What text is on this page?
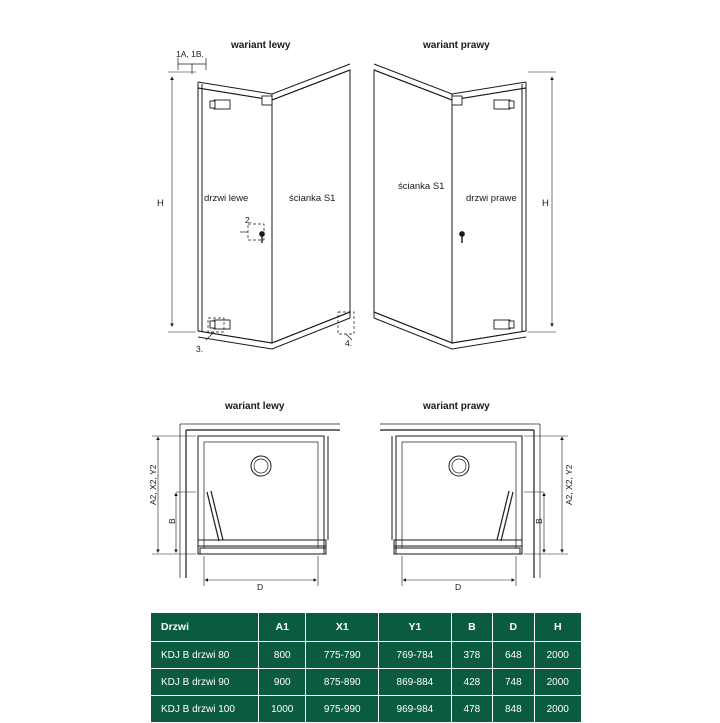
wariant lewy	wariant prawy
wariant lewy	wariant prawy
1A, 1B.
2.
3.
4.
drzwi lewe	ścianka S1
ścianka S1
drzwi prawe
H	H
A2, X2, Y2
B
D
A2, X2, Y2
B
D
Drzwi	A1	X1	Y1	B	D	H
KDJ B drzwi 80	800	775-790	769-784	378	648	2000
KDJ B drzwi 90	900	875-890	869-884	428	748	2000
KDJ B drzwi 100	1000	975-990	969-984	478	848	2000
